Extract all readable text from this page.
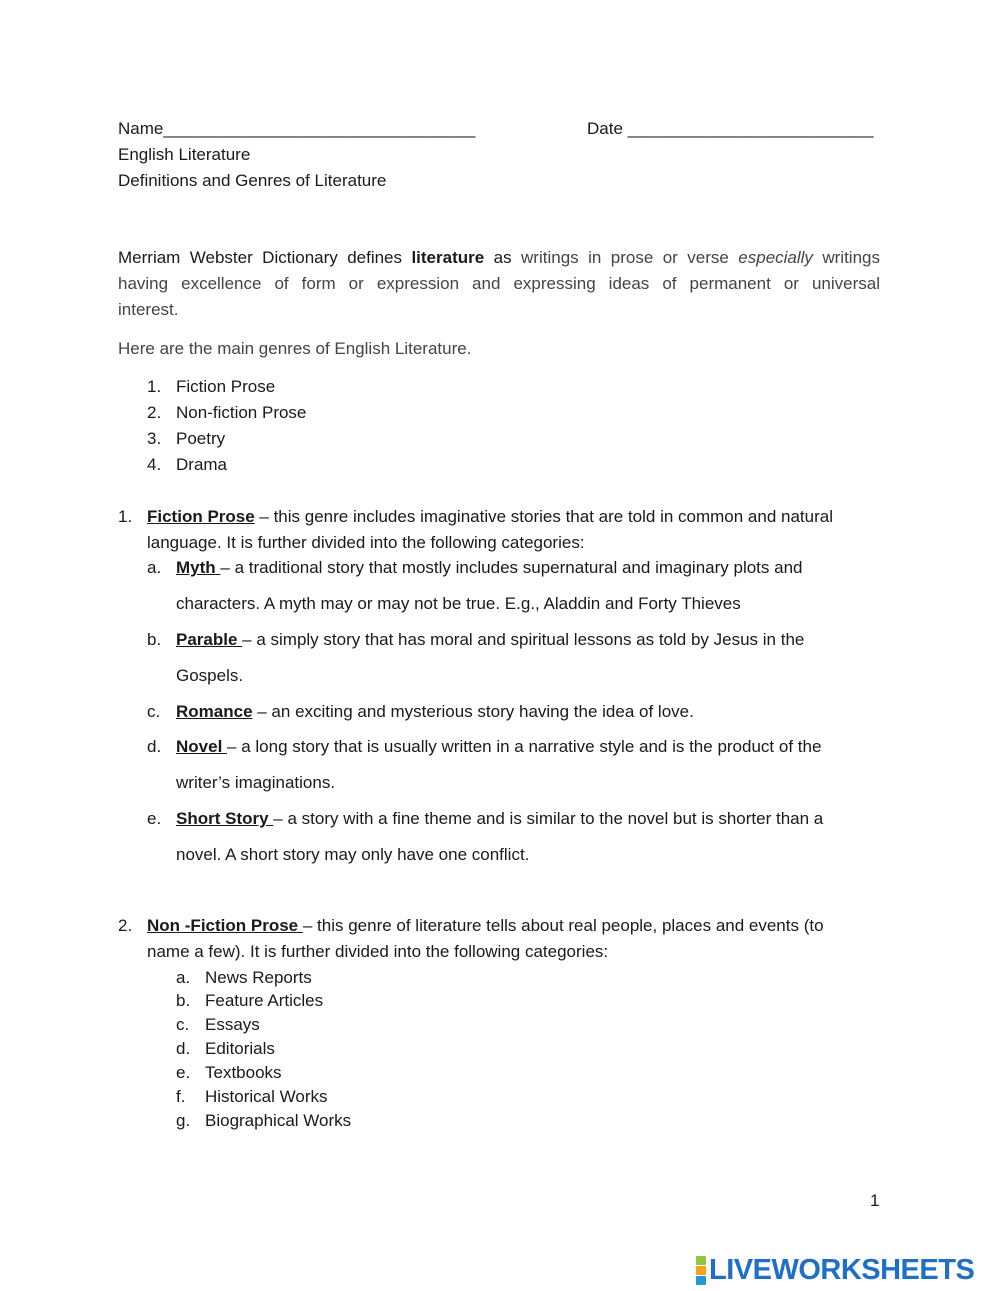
Name_________________________________	Date __________________________
English Literature
Definitions and Genres of Literature
Merriam Webster Dictionary defines literature as writings in prose or verse especially writings
having excellence of form or expression and expressing ideas of permanent or universal
interest.
Here are the main genres of English Literature.
1. Fiction Prose
2. Non-fiction Prose
3. Poetry
4. Drama
1. Fiction Prose – this genre includes imaginative stories that are told in common and natural
language. It is further divided into the following categories:
a. Myth – a traditional story that mostly includes supernatural and imaginary plots and
characters. A myth may or may not be true. E.g., Aladdin and Forty Thieves
b. Parable – a simply story that has moral and spiritual lessons as told by Jesus in the
Gospels.
c. Romance – an exciting and mysterious story having the idea of love.
d. Novel – a long story that is usually written in a narrative style and is the product of the
writer’s imaginations.
e. Short Story – a story with a fine theme and is similar to the novel but is shorter than a
novel. A short story may only have one conflict.
2. Non -Fiction Prose – this genre of literature tells about real people, places and events (to
name a few). It is further divided into the following categories:
a. News Reports
b. Feature Articles
c. Essays
d. Editorials
e. Textbooks
f. Historical Works
g. Biographical Works
1
LIVEWORKSHEETS
